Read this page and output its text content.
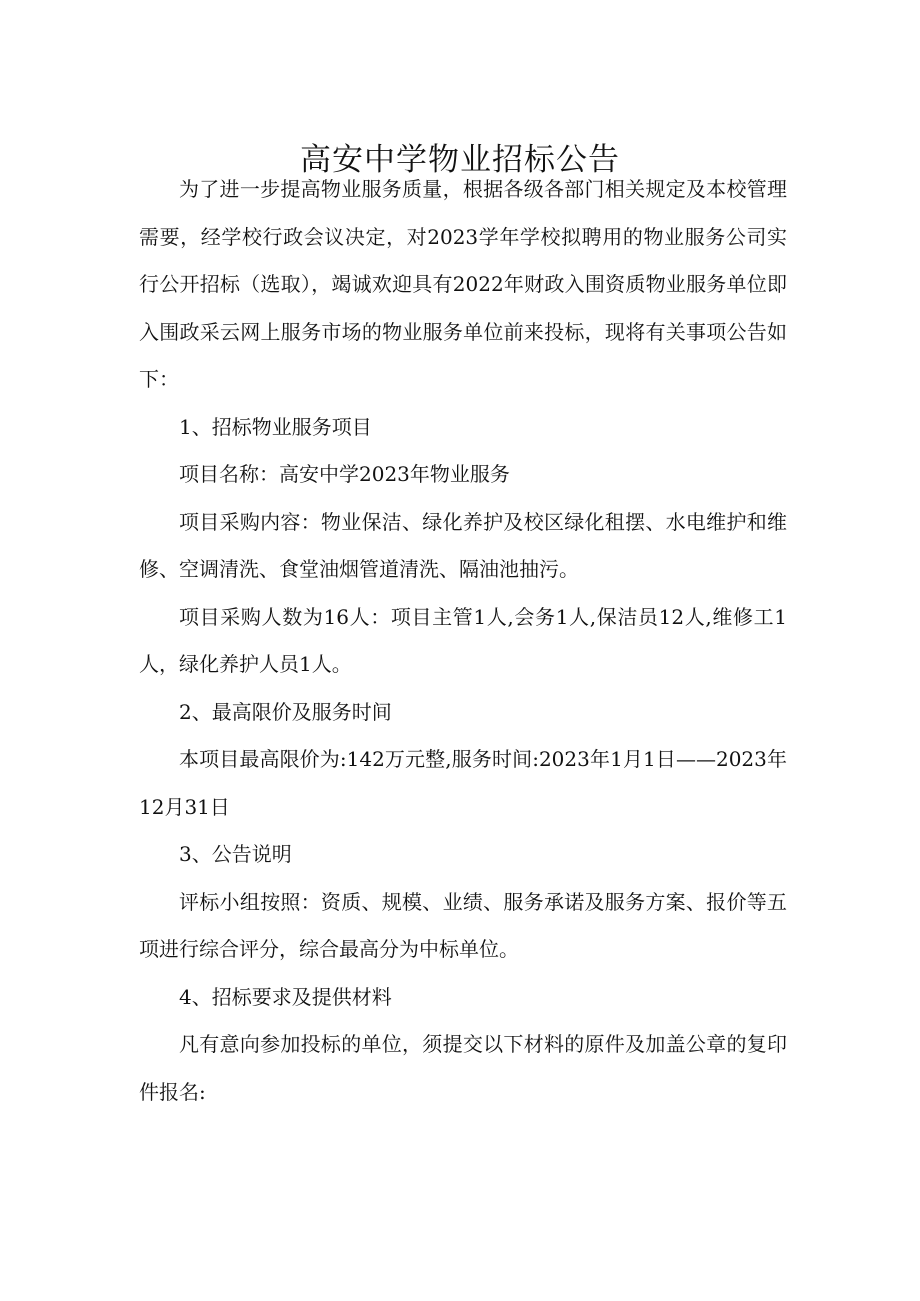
高安中学物业招标公告

为了进一步提高物业服务质量，根据各级各部门相关规定及本校管理需要，经学校行政会议决定，对2023学年学校拟聘用的物业服务公司实行公开招标（选取），竭诚欢迎具有2022年财政入围资质物业服务单位即入围政采云网上服务市场的物业服务单位前来投标，现将有关事项公告如下：

1、招标物业服务项目

项目名称：高安中学2023年物业服务

项目采购内容：物业保洁、绿化养护及校区绿化租摆、水电维护和维修、空调清洗、食堂油烟管道清洗、隔油池抽污。

项目采购人数为16人：项目主管1人,会务1人,保洁员12人,维修工1人，绿化养护人员1人。

2、最高限价及服务时间

本项目最高限价为:142万元整,服务时间:2023年1月1日——2023年12月31日

3、公告说明

评标小组按照：资质、规模、业绩、服务承诺及服务方案、报价等五项进行综合评分，综合最高分为中标单位。

4、招标要求及提供材料

凡有意向参加投标的单位，须提交以下材料的原件及加盖公章的复印件报名:
